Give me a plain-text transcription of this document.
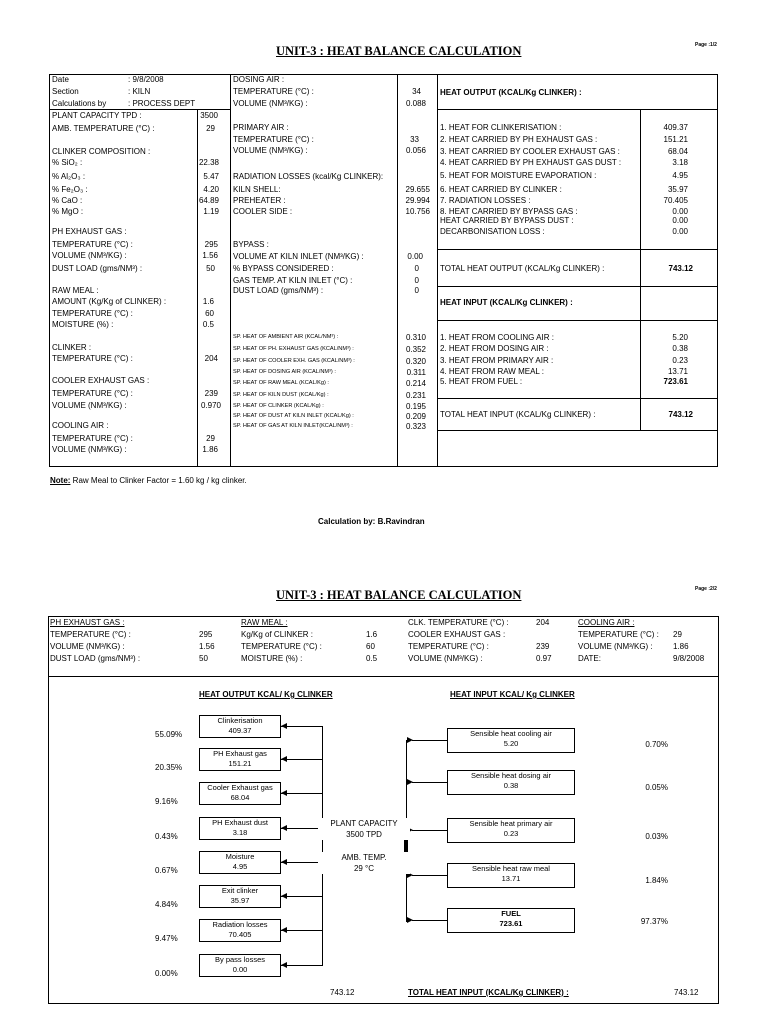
UNIT-3 : HEAT BALANCE CALCULATION	Page :1/2
Date	: 9/8/2008
Section	: KILN
Calculations by	: PROCESS DEPT
PLANT CAPACITY TPD :	3500
AMB. TEMPERATURE (°C) :	29
CLINKER COMPOSITION :
% SiO₂ :	22.38
% Al₂O₃ :	5.47
% Fe₂O₃ :	4.20
% CaO :	64.89
% MgO :	1.19
PH EXHAUST GAS :
TEMPERATURE (°C) :	295
VOLUME (NM³/KG) :	1.56
DUST LOAD (gms/NM³) :	50
RAW MEAL :
AMOUNT (Kg/Kg of CLINKER) :	1.6
TEMPERATURE (°C) :	60
MOISTURE (%) :	0.5
CLINKER :
TEMPERATURE (°C) :	204
COOLER EXHAUST GAS :
TEMPERATURE (°C) :	239
VOLUME (NM³/KG) :	0.970
COOLING AIR :
TEMPERATURE (°C) :	29
VOLUME (NM³/KG) :	1.86
DOSING AIR :
TEMPERATURE (°C) :	34
VOLUME (NM³/KG) :	0.088
PRIMARY AIR :
TEMPERATURE (°C) :	33
VOLUME (NM³/KG) :	0.056
RADIATION LOSSES (kcal/Kg CLINKER):
KILN SHELL:	29.655
PREHEATER :	29.994
COOLER SIDE :	10.756
BYPASS :
VOLUME AT KILN INLET (NM³/KG) :	0.00
% BYPASS CONSIDERED :	0
GAS TEMP. AT KILN INLET (°C) :	0
DUST LOAD (gms/NM³) :	0
SP. HEAT OF AMBIENT AIR (KCAL/NM³) :	0.310
SP. HEAT OF PH. EXHAUST GAS (KCAL/NM³) :	0.352
SP. HEAT OF COOLER EXH. GAS (KCAL/NM³) :	0.320
SP. HEAT OF DOSING AIR (KCAL/NM³) :	0.311
SP. HEAT OF RAW MEAL (KCAL/Kg) :	0.214
SP. HEAT OF KILN DUST (KCAL/Kg) :	0.231
SP. HEAT OF CLINKER (KCAL/Kg) :	0.195
SP. HEAT OF DUST AT KILN INLET (KCAL/Kg) :	0.209
SP. HEAT OF GAS AT KILN INLET(KCAL/NM³) :	0.323
HEAT OUTPUT (KCAL/Kg CLINKER) :
1. HEAT FOR CLINKERISATION :	409.37
2. HEAT CARRIED BY PH EXHAUST GAS :	151.21
3. HEAT CARRIED BY COOLER EXHAUST GAS :	68.04
4. HEAT CARRIED BY PH EXHAUST GAS DUST :	3.18
5. HEAT FOR MOISTURE EVAPORATION :	4.95
6. HEAT CARRIED BY CLINKER :	35.97
7. RADIATION LOSSES :	70.405
8. HEAT CARRIED BY BYPASS GAS :	0.00
HEAT CARRIED BY BYPASS DUST :	0.00
DECARBONISATION LOSS :	0.00
TOTAL HEAT OUTPUT (KCAL/Kg CLINKER) :	743.12
HEAT INPUT (KCAL/Kg CLINKER) :
1. HEAT FROM COOLING AIR :	5.20
2. HEAT FROM DOSING AIR :	0.38
3. HEAT FROM PRIMARY AIR :	0.23
4. HEAT FROM RAW MEAL :	13.71
5. HEAT FROM FUEL :	723.61
TOTAL HEAT INPUT (KCAL/Kg CLINKER) :	743.12
Note: Raw Meal to Clinker Factor = 1.60 kg / kg clinker.
Calculation by: B.Ravindran
UNIT-3 : HEAT BALANCE CALCULATION	Page :2/2
PH EXHAUST GAS :
TEMPERATURE (°C) :	295
VOLUME (NM³/KG) :	1.56
DUST LOAD (gms/NM³) :	50
RAW MEAL :
Kg/Kg of CLINKER :	1.6
TEMPERATURE (°C) :	60
MOISTURE (%) :	0.5
CLK. TEMPERATURE (°C) :	204
COOLER EXHAUST GAS :
TEMPERATURE (°C) :	239
VOLUME (NM³/KG) :	0.97
COOLING AIR :
TEMPERATURE (°C) : 29
VOLUME (NM³/KG) :	1.86
DATE:	9/8/2008
HEAT OUTPUT KCAL/ Kg CLINKER	HEAT INPUT KCAL/ Kg CLINKER
Clinkerisation
409.37
55.09%
PH Exhaust gas
151.21
20.35%
Cooler Exhaust gas
68.04
9.16%
PH Exhaust dust
3.18
0.43%
Moisture
4.95
0.67%
Exit clinker
35.97
4.84%
Radiation losses
70.405
9.47%
By pass losses
0.00
0.00%
Sensible heat cooling air
5.20	0.70%
Sensible heat dosing air
0.38	0.05%
Sensible heat primary air
0.23	0.03%
Sensible heat raw meal
13.71	1.84%
FUEL
723.61	97.37%
PLANT CAPACITY
3500 TPD
AMB. TEMP.
29 °C
743.12	TOTAL HEAT INPUT (KCAL/Kg CLINKER) :	743.12
